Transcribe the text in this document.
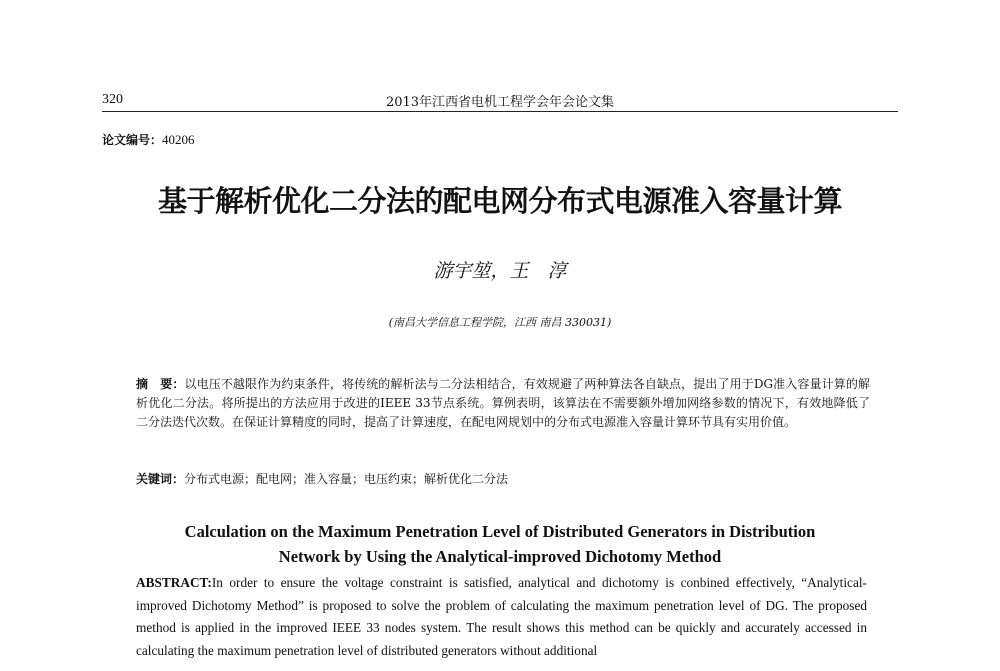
320	2013年江西省电机工程学会年会论文集
论文编号：40206
基于解析优化二分法的配电网分布式电源准入容量计算
游宇堃，王　淳
(南昌大学信息工程学院，江西 南昌 330031)
摘　要：以电压不越限作为约束条件，将传统的解析法与二分法相结合，有效规避了两种算法各自缺点，提出了用于DG准入容量计算的解析优化二分法。将所提出的方法应用于改进的IEEE 33节点系统。算例表明，该算法在不需要额外增加网络参数的情况下，有效地降低了二分法迭代次数。在保证计算精度的同时，提高了计算速度，在配电网规划中的分布式电源准入容量计算环节具有实用价值。
关键词：分布式电源；配电网；准入容量；电压约束；解析优化二分法
Calculation on the Maximum Penetration Level of Distributed Generators in Distribution
Network by Using the Analytical-improved Dichotomy Method
ABSTRACT:In order to ensure the voltage constraint is satisfied, analytical and dichotomy is conbined effectively, “Analytical-improved Dichotomy Method” is proposed to solve the problem of calculating the maximum penetration level of DG. The proposed method is applied in the improved IEEE 33 nodes system. The result shows this method can be quickly and accurately accessed in calculating the maximum penetration level of distributed generators without additional
